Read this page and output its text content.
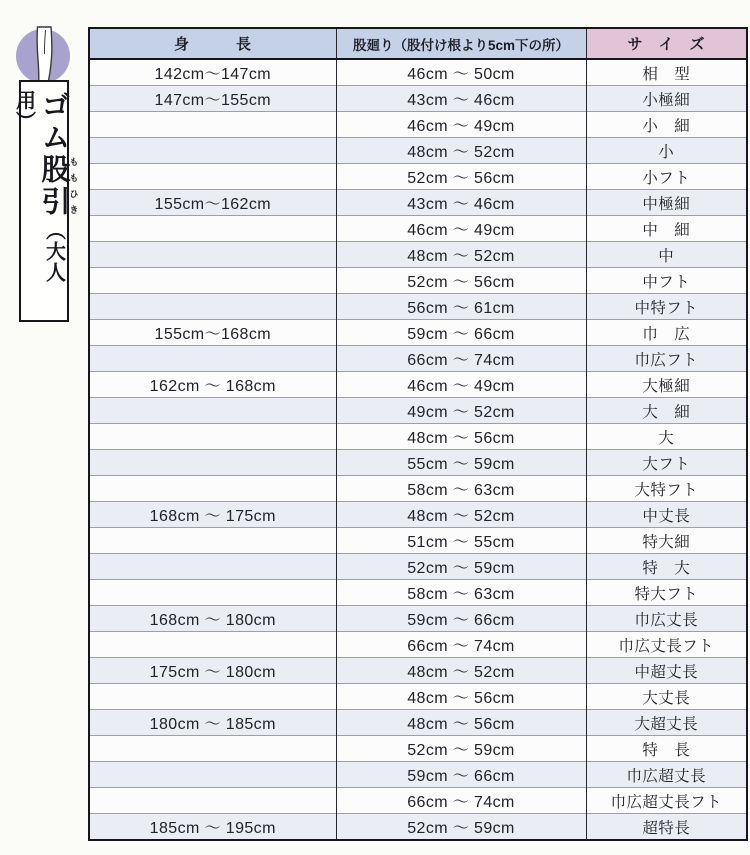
ゴム股引 ももひき（大人用）
身　　　長	股廻り（股付け根より5cm下の所）	サ　イ　ズ
142cm～147cm	46cm ～ 50cm	相　型
147cm～155cm	43cm ～ 46cm	小極細
	46cm ～ 49cm	小　細
	48cm ～ 52cm	小
	52cm ～ 56cm	小フト
155cm～162cm	43cm ～ 46cm	中極細
	46cm ～ 49cm	中　細
	48cm ～ 52cm	中
	52cm ～ 56cm	中フト
	56cm ～ 61cm	中特フト
155cm～168cm	59cm ～ 66cm	巾　広
	66cm ～ 74cm	巾広フト
162cm ～ 168cm	46cm ～ 49cm	大極細
	49cm ～ 52cm	大　細
	48cm ～ 56cm	大
	55cm ～ 59cm	大フト
	58cm ～ 63cm	大特フト
168cm ～ 175cm	48cm ～ 52cm	中丈長
	51cm ～ 55cm	特大細
	52cm ～ 59cm	特　大
	58cm ～ 63cm	特大フト
168cm ～ 180cm	59cm ～ 66cm	巾広丈長
	66cm ～ 74cm	巾広丈長フト
175cm ～ 180cm	48cm ～ 52cm	中超丈長
	48cm ～ 56cm	大丈長
180cm ～ 185cm	48cm ～ 56cm	大超丈長
	52cm ～ 59cm	特　長
	59cm ～ 66cm	巾広超丈長
	66cm ～ 74cm	巾広超丈長フト
185cm ～ 195cm	52cm ～ 59cm	超特長
